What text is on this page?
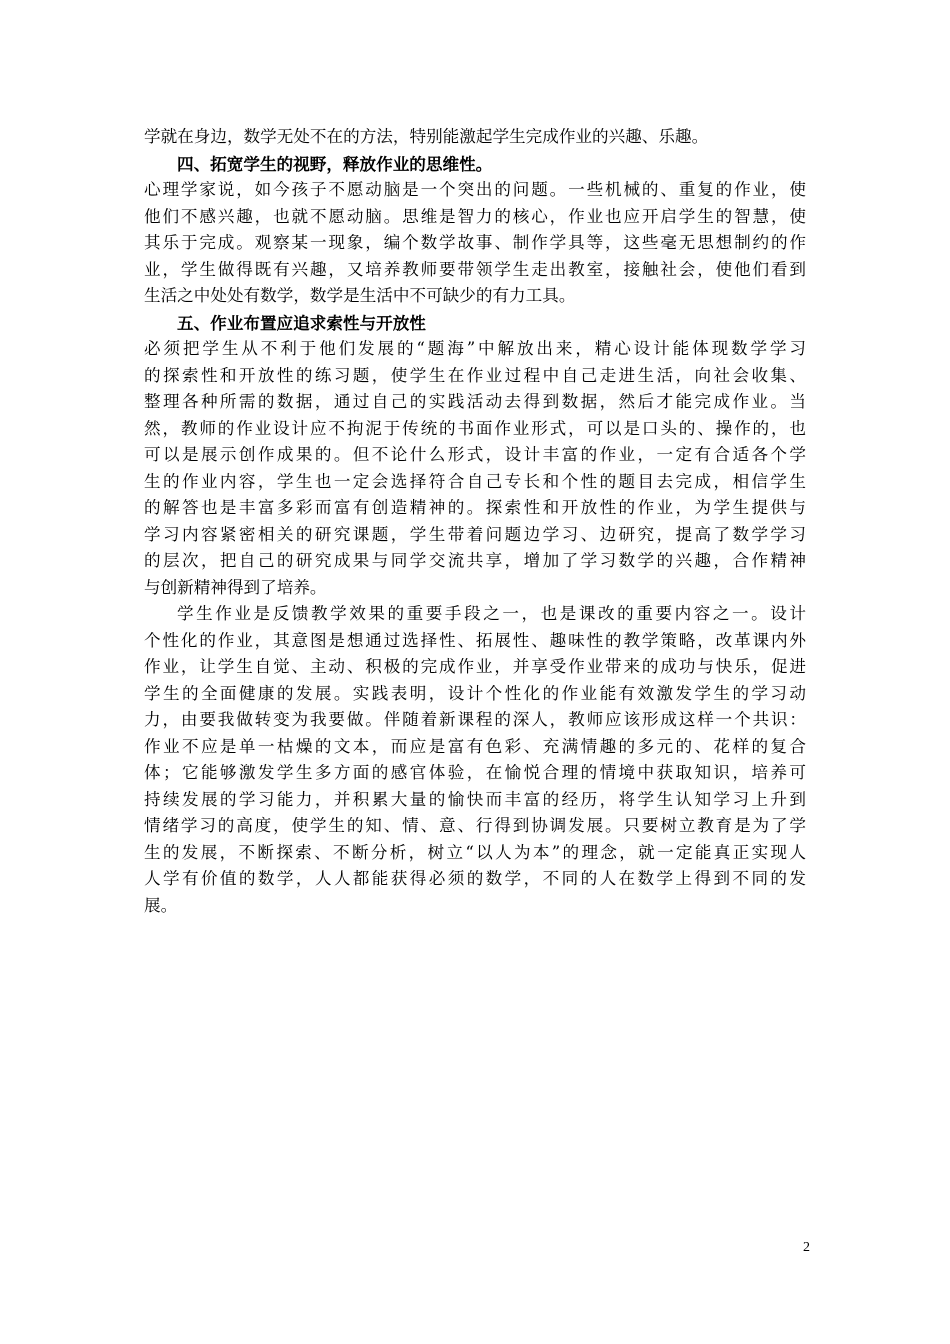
学就在身边，数学无处不在的方法，特别能激起学生完成作业的兴趣、乐趣。
四、拓宽学生的视野，释放作业的思维性。
心理学家说，如今孩子不愿动脑是一个突出的问题。一些机械的、重复的作业，使
他们不感兴趣，也就不愿动脑。思维是智力的核心，作业也应开启学生的智慧，使
其乐于完成。观察某一现象，编个数学故事、制作学具等，这些毫无思想制约的作
业，学生做得既有兴趣，又培养教师要带领学生走出教室，接触社会，使他们看到
生活之中处处有数学，数学是生活中不可缺少的有力工具。
五、作业布置应追求索性与开放性
必须把学生从不利于他们发展的“题海”中解放出来，精心设计能体现数学学习
的探索性和开放性的练习题，使学生在作业过程中自己走进生活，向社会收集、
整理各种所需的数据，通过自己的实践活动去得到数据，然后才能完成作业。当
然，教师的作业设计应不拘泥于传统的书面作业形式，可以是口头的、操作的，也
可以是展示创作成果的。但不论什么形式，设计丰富的作业，一定有合适各个学
生的作业内容，学生也一定会选择符合自己专长和个性的题目去完成，相信学生
的解答也是丰富多彩而富有创造精神的。探索性和开放性的作业，为学生提供与
学习内容紧密相关的研究课题，学生带着问题边学习、边研究，提高了数学学习
的层次，把自己的研究成果与同学交流共享，增加了学习数学的兴趣，合作精神
与创新精神得到了培养。
学生作业是反馈教学效果的重要手段之一，也是课改的重要内容之一。设计
个性化的作业，其意图是想通过选择性、拓展性、趣味性的教学策略，改革课内外
作业，让学生自觉、主动、积极的完成作业，并享受作业带来的成功与快乐，促进
学生的全面健康的发展。实践表明，设计个性化的作业能有效激发学生的学习动
力，由要我做转变为我要做。伴随着新课程的深人，教师应该形成这样一个共识：
作业不应是单一枯燥的文本，而应是富有色彩、充满情趣的多元的、花样的复合
体；它能够激发学生多方面的感官体验，在愉悦合理的情境中获取知识，培养可
持续发展的学习能力，并积累大量的愉快而丰富的经历，将学生认知学习上升到
情绪学习的高度，使学生的知、情、意、行得到协调发展。只要树立教育是为了学
生的发展，不断探索、不断分析，树立“以人为本”的理念，就一定能真正实现人
人学有价值的数学，人人都能获得必须的数学，不同的人在数学上得到不同的发
展。
2
